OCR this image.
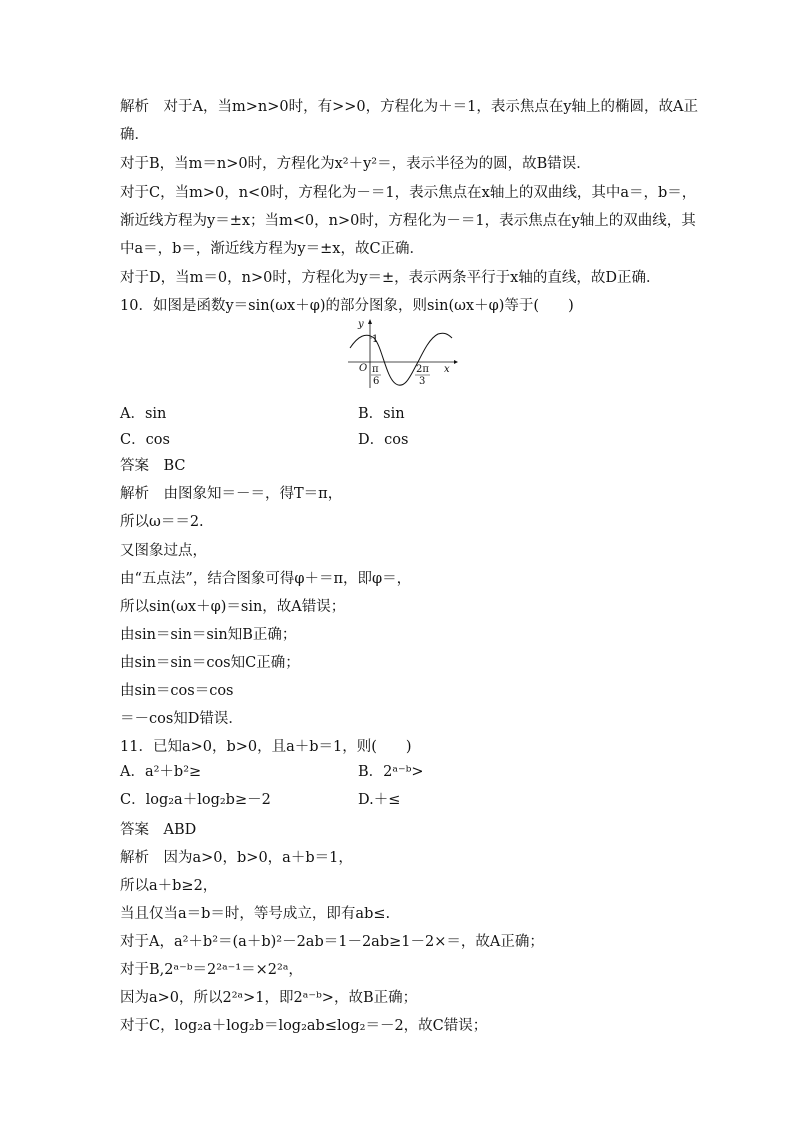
解析　对于A，当m>n>0时，有>>0，方程化为＋＝1，表示焦点在y轴上的椭圆，故A正
确．
对于B，当m＝n>0时，方程化为x²＋y²＝，表示半径为的圆，故B错误．
对于C，当m>0，n<0时，方程化为－＝1，表示焦点在x轴上的双曲线，其中a＝，b＝，
渐近线方程为y＝±x；当m<0，n>0时，方程化为－＝1，表示焦点在y轴上的双曲线，其
中a＝，b＝，渐近线方程为y＝±x，故C正确．
对于D，当m＝0，n>0时，方程化为y＝±，表示两条平行于x轴的直线，故D正确．
10．如图是函数y＝sin(ωx＋φ)的部分图象，则sin(ωx＋φ)等于(　　)
答案　BC
解析　由图象知＝－＝，得T＝π，
所以ω＝＝2.
又图象过点，
由“五点法”，结合图象可得φ＋＝π，即φ＝，
所以sin(ωx＋φ)＝sin，故A错误；
由sin＝sin＝sin知B正确；
由sin＝sin＝cos知C正确；
由sin＝cos＝cos
＝－cos知D错误．
11．已知a>0，b>0，且a＋b＝1，则(　　)
答案　ABD
解析　因为a>0，b>0，a＋b＝1，
所以a＋b≥2，
当且仅当a＝b＝时，等号成立，即有ab≤.
对于A，a²＋b²＝(a＋b)²－2ab＝1－2ab≥1－2×＝，故A正确；
对于B,2ᵃ⁻ᵇ＝2²ᵃ⁻¹＝×2²ᵃ，
因为a>0，所以2²ᵃ>1，即2ᵃ⁻ᵇ>，故B正确；
对于C，log₂a＋log₂b＝log₂ab≤log₂＝－2，故C错误；
A．sin	B．sin
C．cos	D．cos
A．a²＋b²≥	B．2ᵃ⁻ᵇ>
C．log₂a＋log₂b≥－2	D.＋≤
y
x
O
1
π
6
2π
3
